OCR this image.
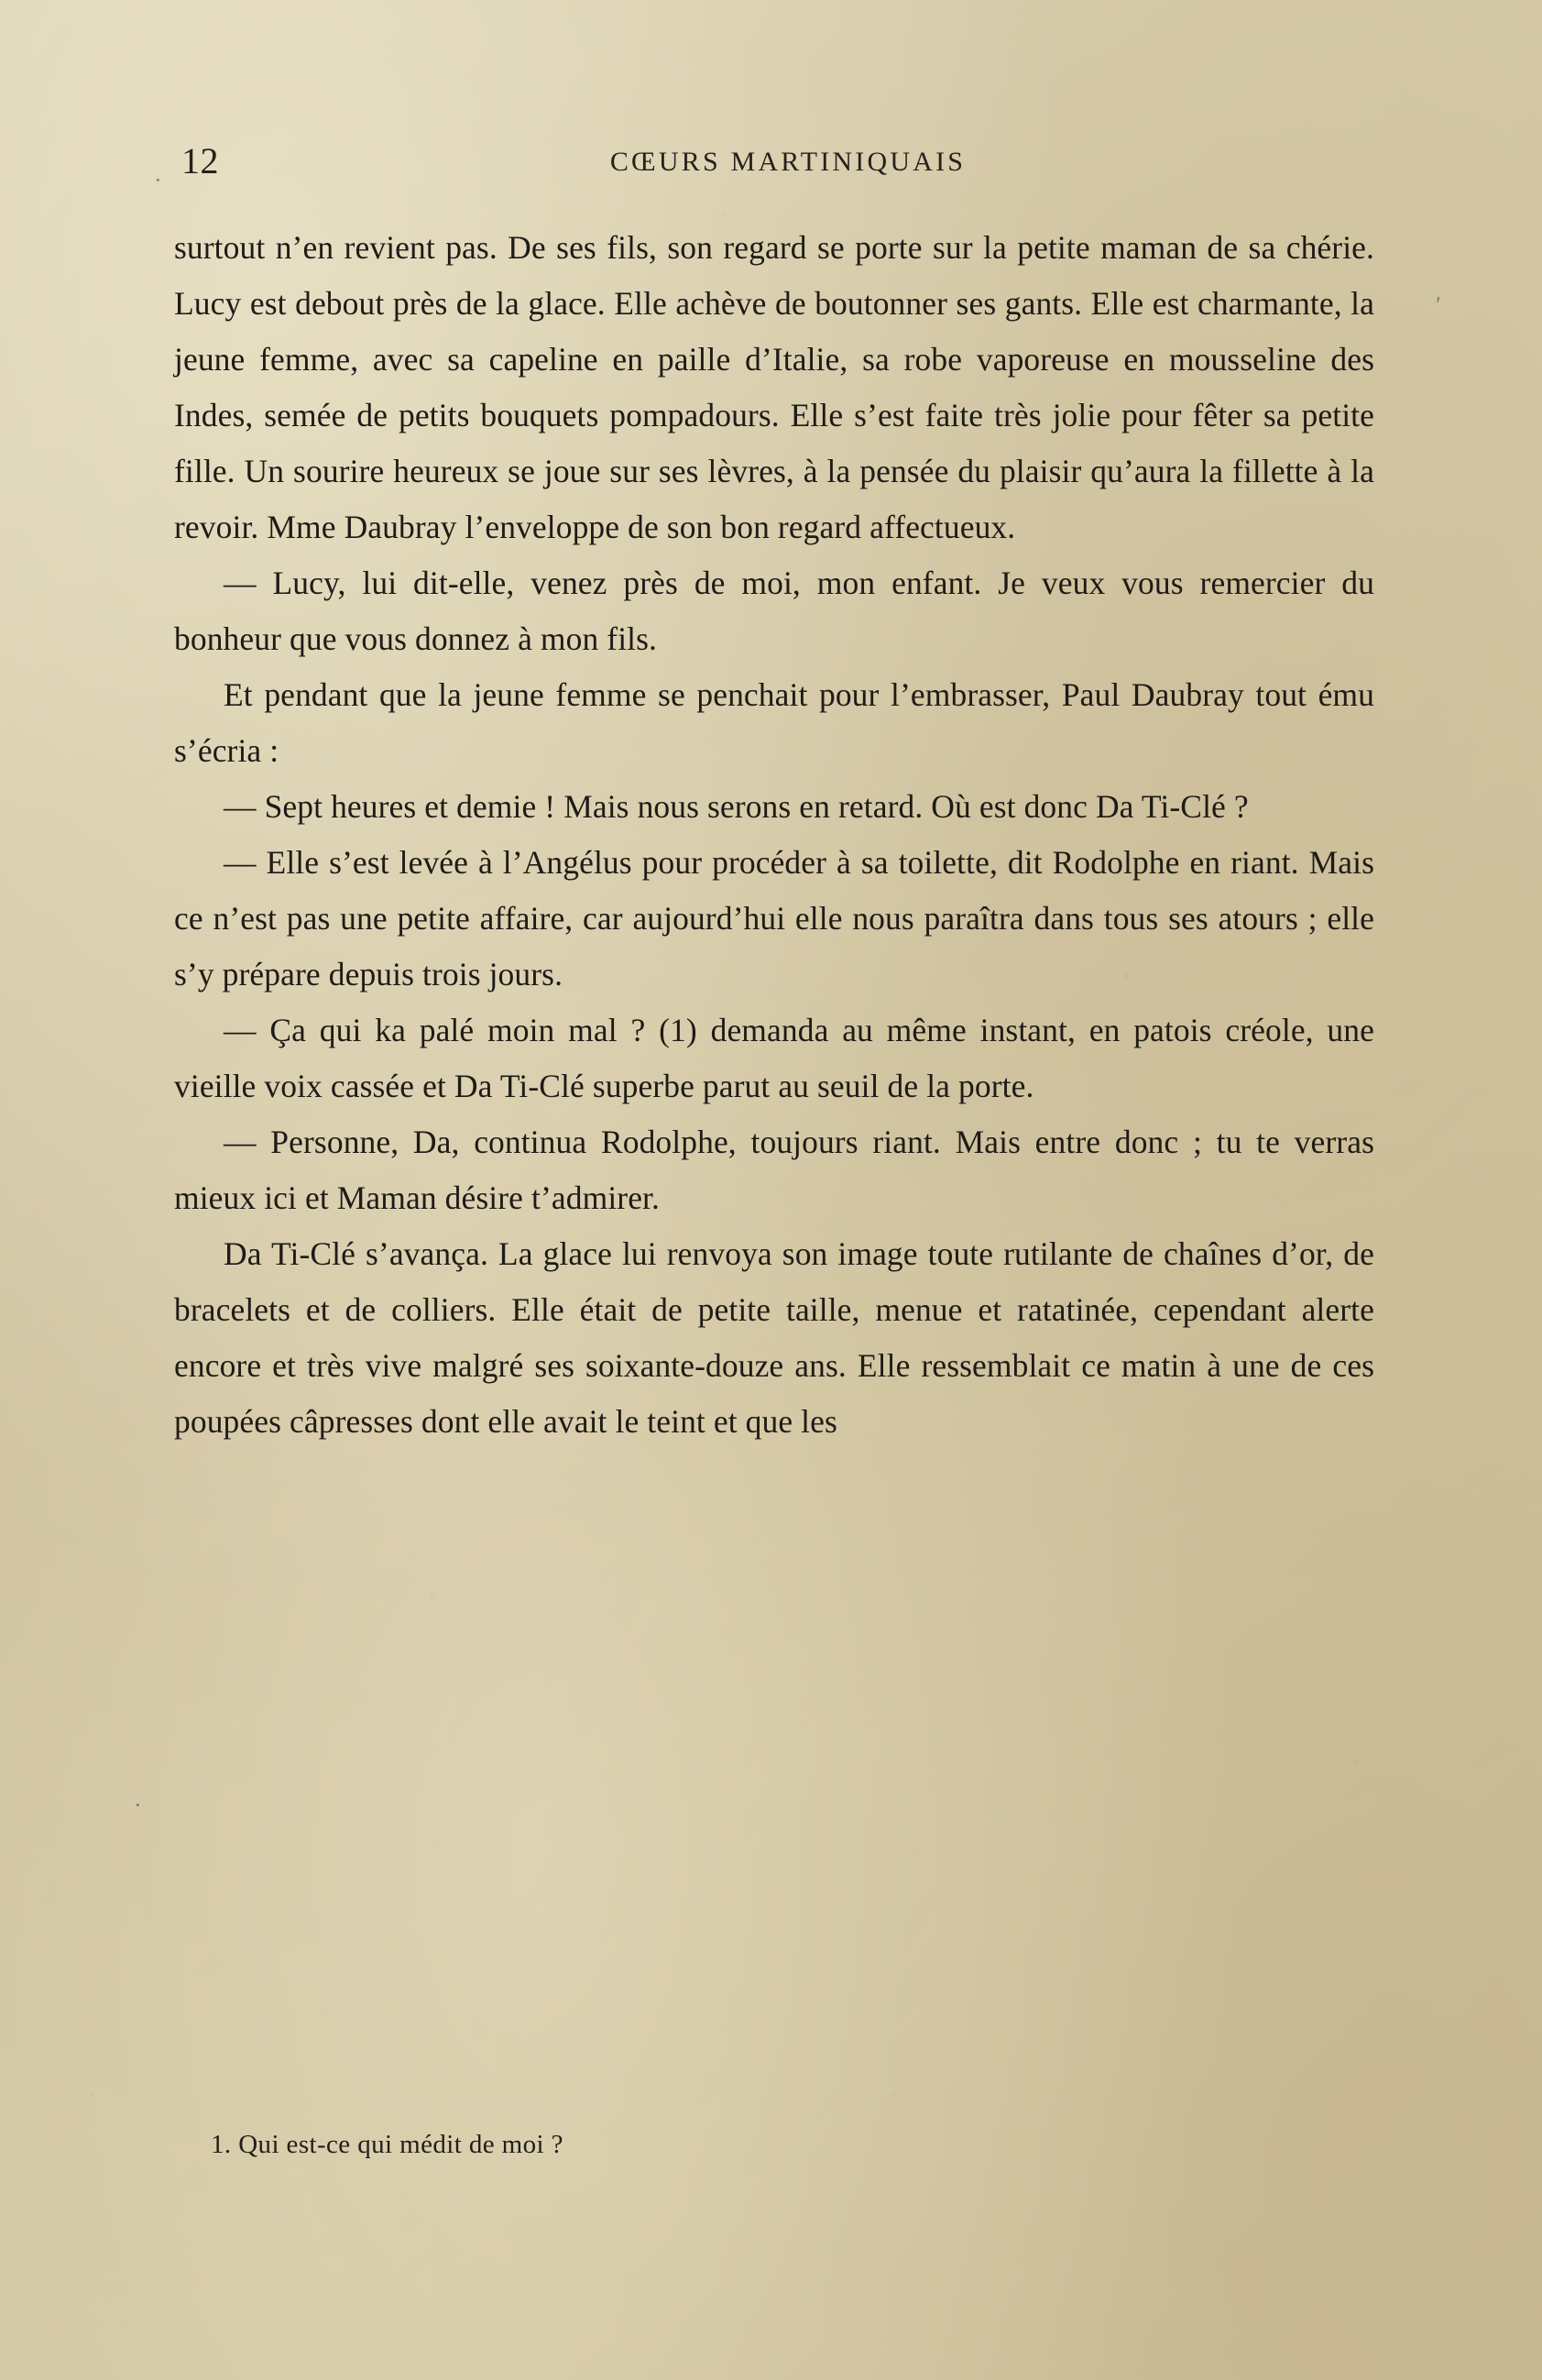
·
'
·
12	CŒURS MARTINIQUAIS

surtout n’en revient pas. De ses fils, son regard se porte sur la petite maman de sa chérie. Lucy est debout près de la glace. Elle achève de boutonner ses gants. Elle est charmante, la jeune femme, avec sa capeline en paille d’Italie, sa robe vaporeuse en mousseline des Indes, semée de petits bouquets pompadours. Elle s’est faite très jolie pour fêter sa petite fille. Un sourire heureux se joue sur ses lèvres, à la pensée du plaisir qu’aura la fillette à la revoir. Mme Daubray l’enveloppe de son bon regard affectueux.

— Lucy, lui dit-elle, venez près de moi, mon enfant. Je veux vous remercier du bonheur que vous donnez à mon fils.

Et pendant que la jeune femme se penchait pour l’embrasser, Paul Daubray tout ému s’écria :

— Sept heures et demie ! Mais nous serons en retard. Où est donc Da Ti-Clé ?

— Elle s’est levée à l’Angélus pour procéder à sa toilette, dit Rodolphe en riant. Mais ce n’est pas une petite affaire, car aujourd’hui elle nous paraîtra dans tous ses atours ; elle s’y prépare depuis trois jours.

— Ça qui ka palé moin mal ? (1) demanda au même instant, en patois créole, une vieille voix cassée et Da Ti-Clé superbe parut au seuil de la porte.

— Personne, Da, continua Rodolphe, toujours riant. Mais entre donc ; tu te verras mieux ici et Maman désire t’admirer.

Da Ti-Clé s’avança. La glace lui renvoya son image toute rutilante de chaînes d’or, de bracelets et de colliers. Elle était de petite taille, menue et ratatinée, cependant alerte encore et très vive malgré ses soixante-douze ans. Elle ressemblait ce matin à une de ces poupées câpresses dont elle avait le teint et que les

1. Qui est-ce qui médit de moi ?
